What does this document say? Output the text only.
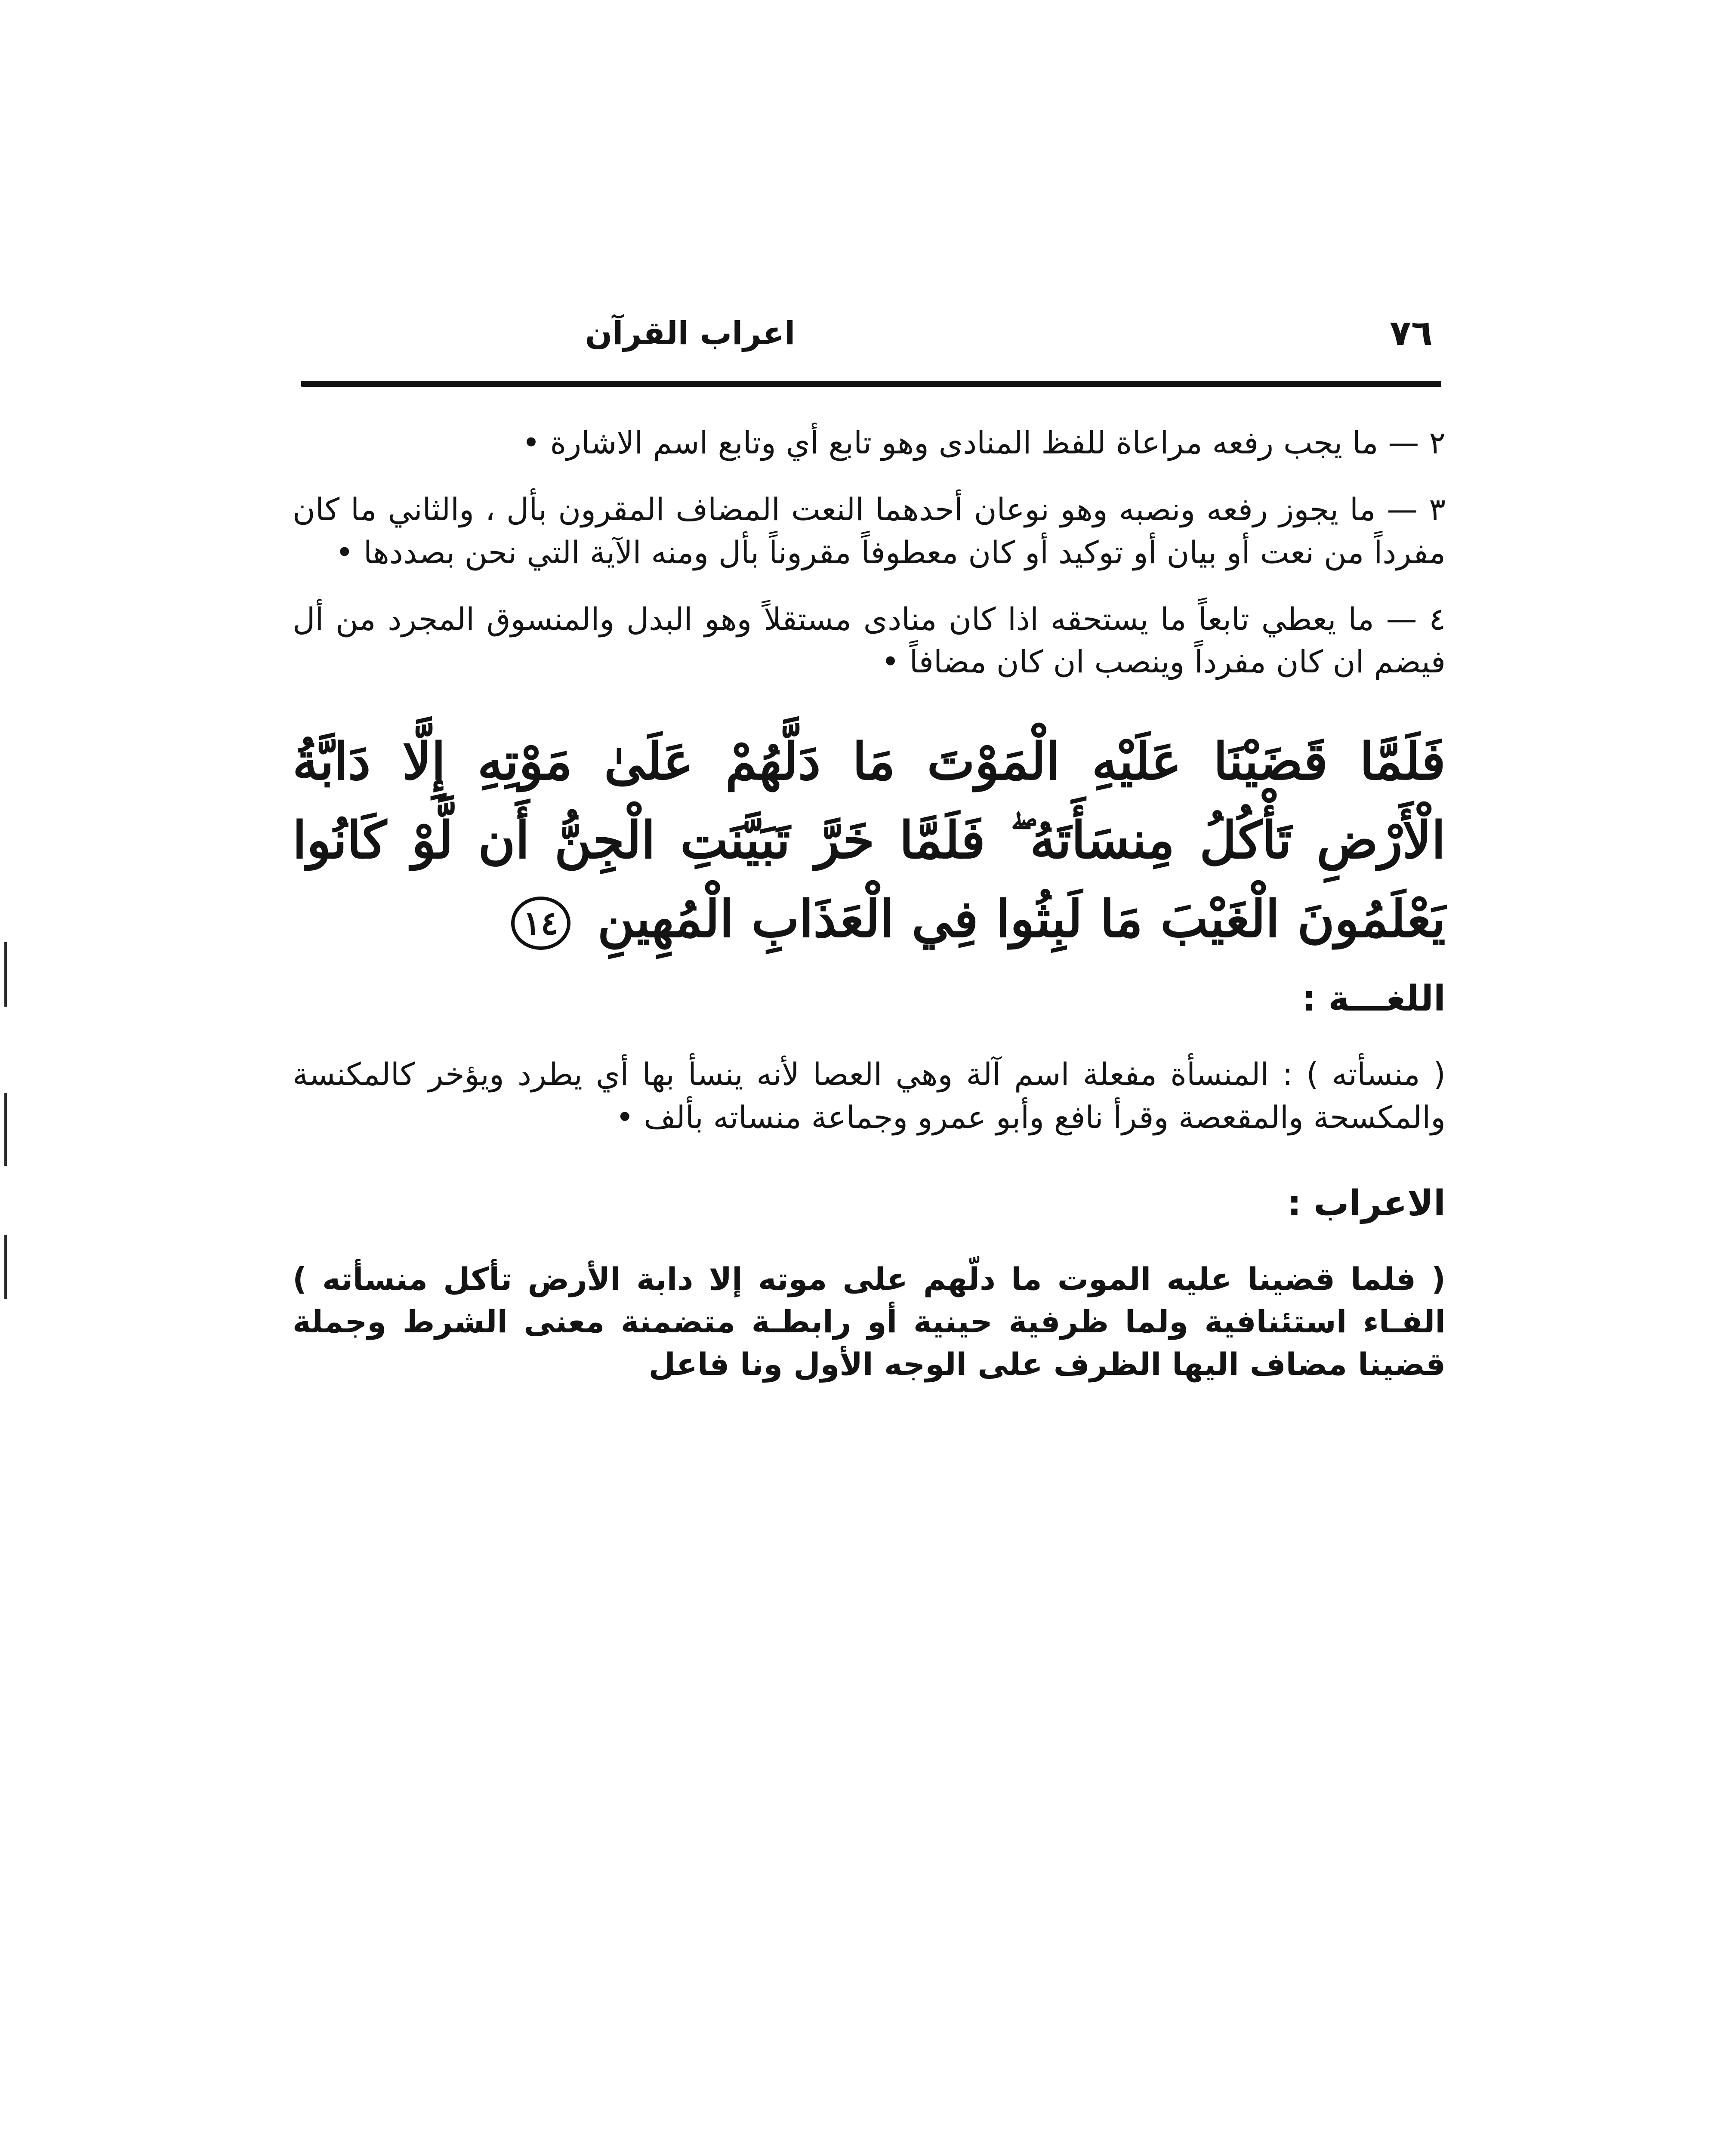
٧٦
اعراب القرآن

٢ — ما يجب رفعه مراعاة للفظ المنادى وهو تابع أي وتابع اسم الاشارة •

٣ — ما يجوز رفعه ونصبه وهو نوعان أحدهما النعت المضاف المقرون بأل ، والثاني ما كان مفرداً من نعت أو بيان أو توكيد أو كان معطوفاً مقروناً بأل ومنه الآية التي نحن بصددها •

٤ — ما يعطي تابعاً ما يستحقه اذا كان منادى مستقلاً وهو البدل والمنسوق المجرد من أل فيضم ان كان مفرداً وينصب ان كان مضافاً •

فَلَمَّا قَضَيْنَا عَلَيْهِ الْمَوْتَ مَا دَلَّهُمْ عَلَىٰ مَوْتِهِ إِلَّا دَابَّةُ الْأَرْضِ تَأْكُلُ مِنسَأَتَهُ ۖ فَلَمَّا خَرَّ تَبَيَّنَتِ الْجِنُّ أَن لَّوْ كَانُوا يَعْلَمُونَ الْغَيْبَ مَا لَبِثُوا فِي الْعَذَابِ الْمُهِينِ ١٤
اللغـــة :

( منسأته ) : المنسأة مفعلة اسم آلة وهي العصا لأنه ينسأ بها أي يطرد ويؤخر كالمكنسة والمكسحة والمقعصة وقرأ نافع وأبو عمرو وجماعة منساته بألف •

الاعراب :

( فلما قضينا عليه الموت ما دلّهم على موته إلا دابة الأرض تأكل منسأته ) الفـاء استئنافية ولما ظرفية حينية أو رابطـة متضمنة معنى الشرط وجملة قضينا مضاف اليها الظرف على الوجه الأول ونا فاعل
